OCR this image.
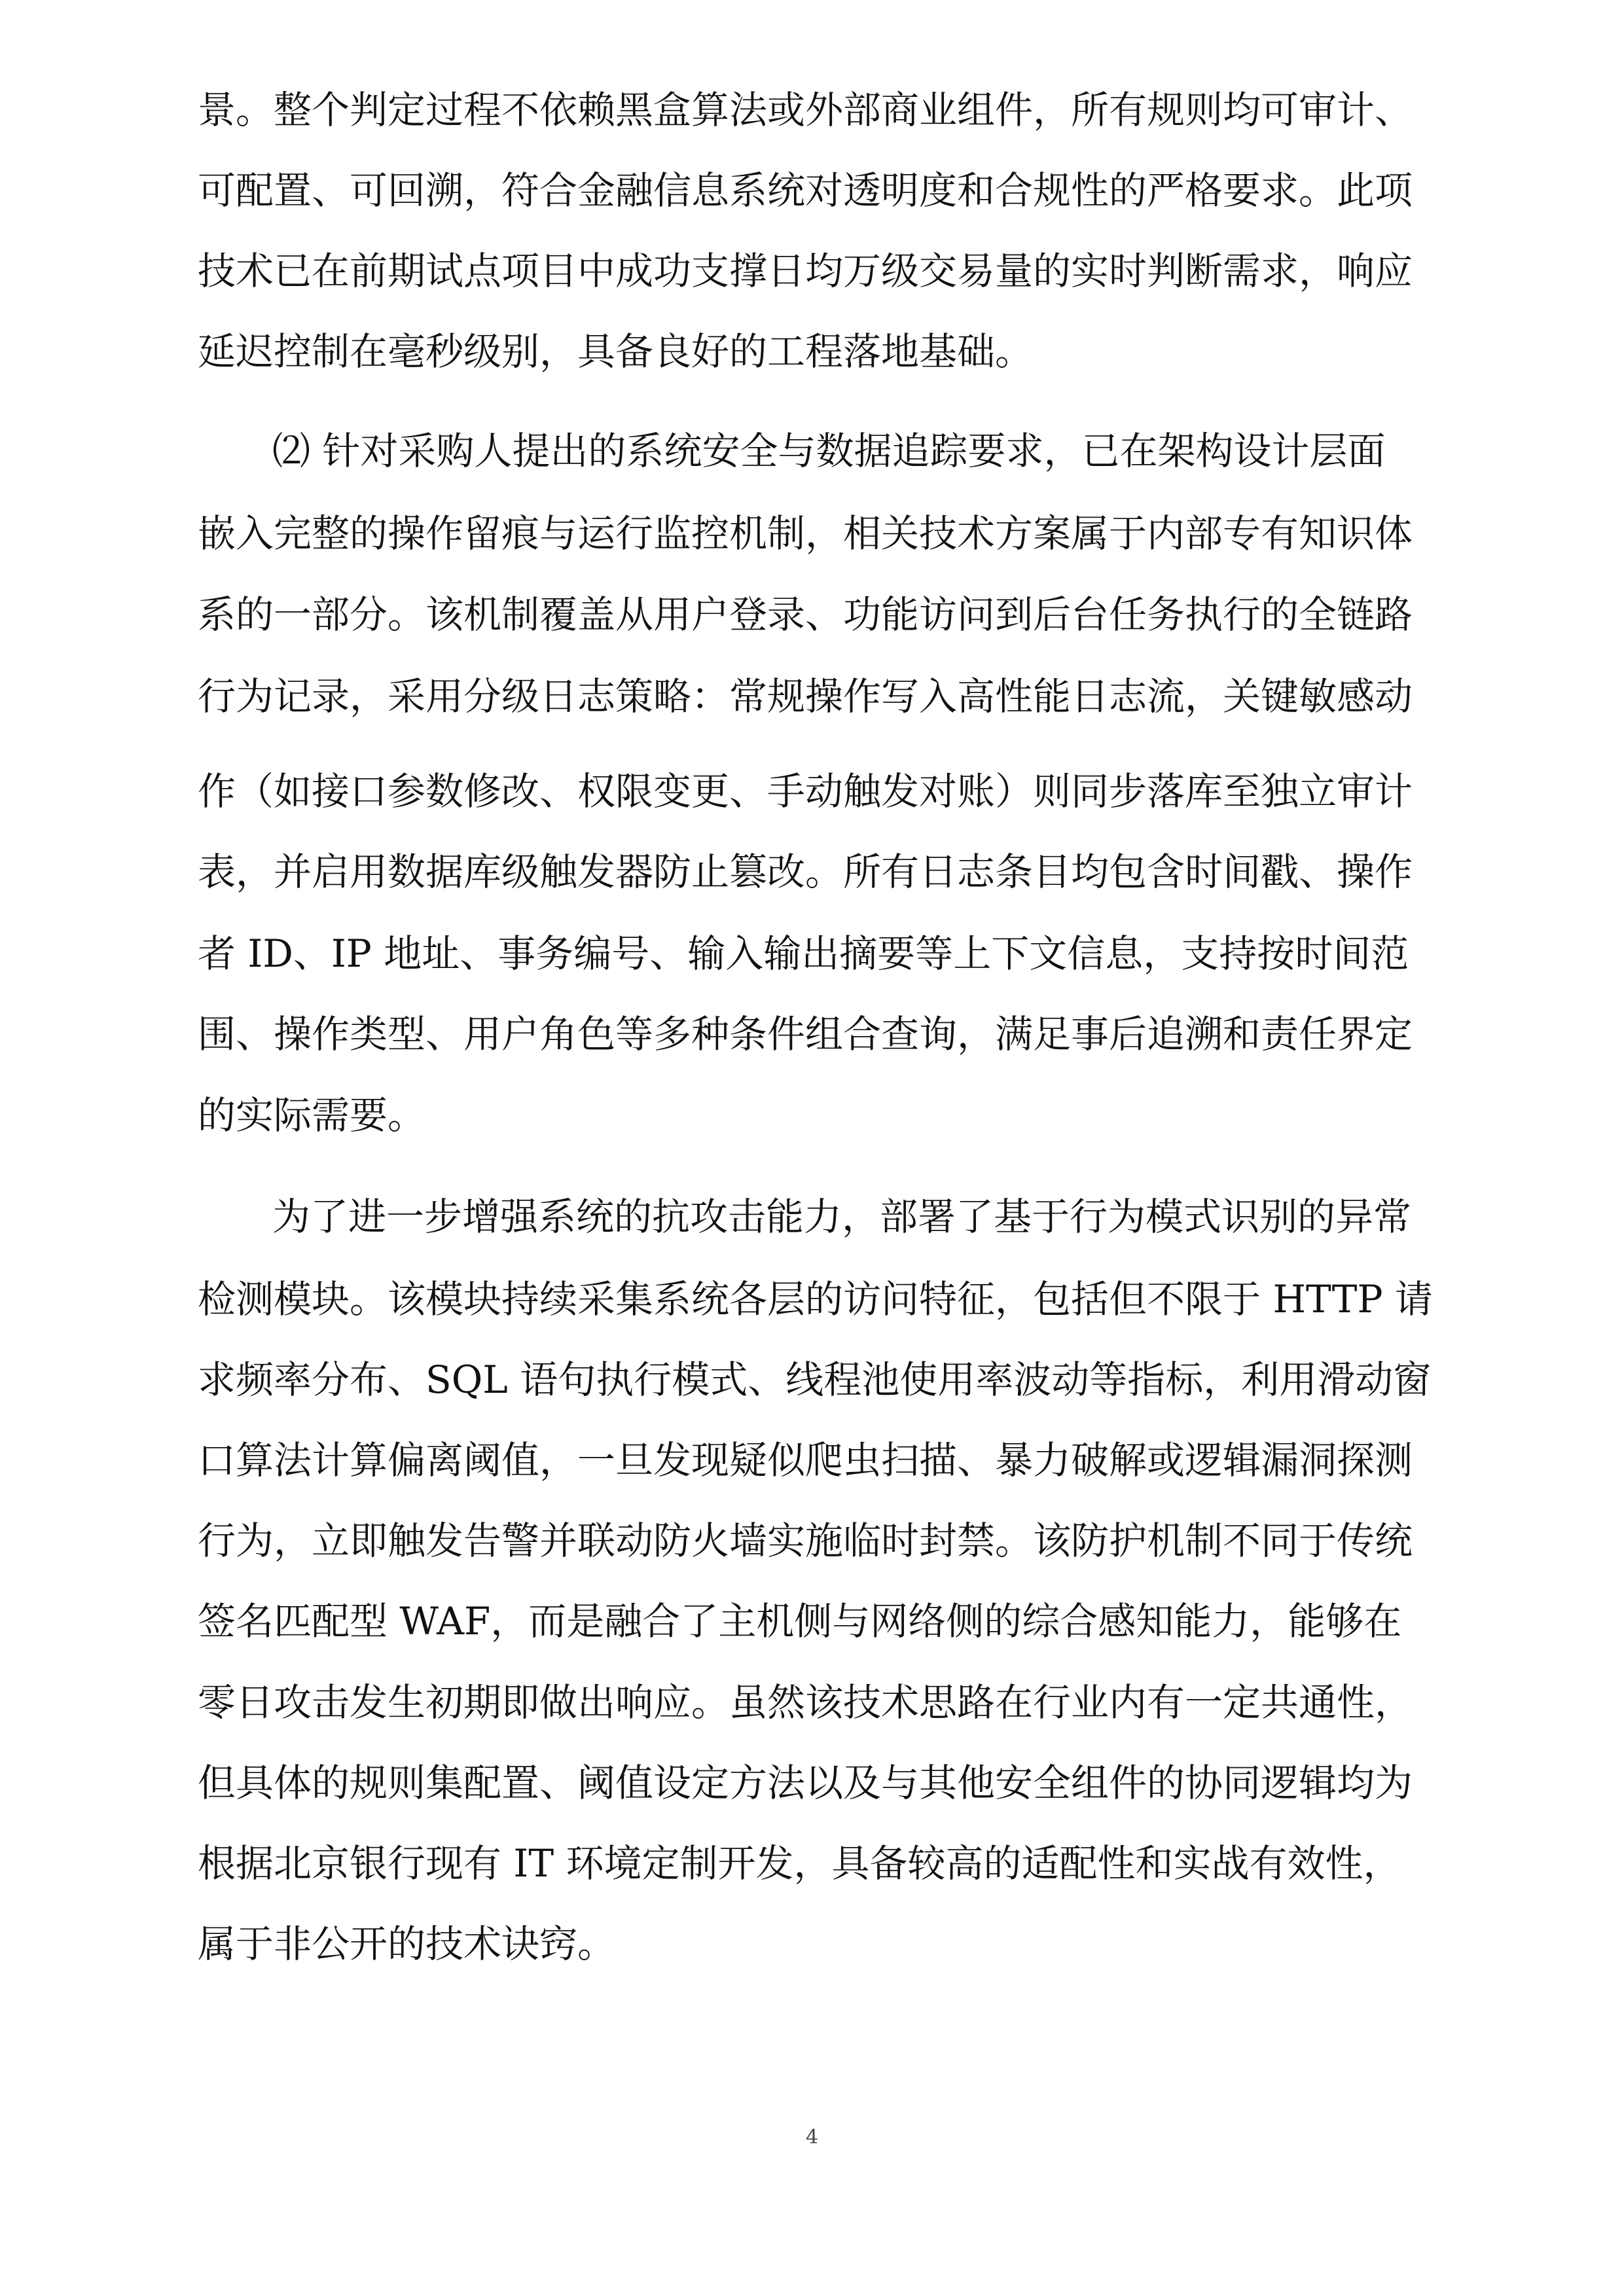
景。整个判定过程不依赖黑盒算法或外部商业组件，所有规则均可审计、
可配置、可回溯，符合金融信息系统对透明度和合规性的严格要求。此项
技术已在前期试点项目中成功支撑日均万级交易量的实时判断需求，响应
延迟控制在毫秒级别，具备良好的工程落地基础。
⑵ 针对采购人提出的系统安全与数据追踪要求，已在架构设计层面
嵌入完整的操作留痕与运行监控机制，相关技术方案属于内部专有知识体
系的一部分。该机制覆盖从用户登录、功能访问到后台任务执行的全链路
行为记录，采用分级日志策略：常规操作写入高性能日志流，关键敏感动
作（如接口参数修改、权限变更、手动触发对账）则同步落库至独立审计
表，并启用数据库级触发器防止篡改。所有日志条目均包含时间戳、操作
者 ID、IP 地址、事务编号、输入输出摘要等上下文信息，支持按时间范
围、操作类型、用户角色等多种条件组合查询，满足事后追溯和责任界定
的实际需要。
为了进一步增强系统的抗攻击能力，部署了基于行为模式识别的异常
检测模块。该模块持续采集系统各层的访问特征，包括但不限于 HTTP 请
求频率分布、SQL 语句执行模式、线程池使用率波动等指标，利用滑动窗
口算法计算偏离阈值，一旦发现疑似爬虫扫描、暴力破解或逻辑漏洞探测
行为，立即触发告警并联动防火墙实施临时封禁。该防护机制不同于传统
签名匹配型 WAF，而是融合了主机侧与网络侧的综合感知能力，能够在
零日攻击发生初期即做出响应。虽然该技术思路在行业内有一定共通性，
但具体的规则集配置、阈值设定方法以及与其他安全组件的协同逻辑均为
根据北京银行现有 IT 环境定制开发，具备较高的适配性和实战有效性，
属于非公开的技术诀窍。
4
